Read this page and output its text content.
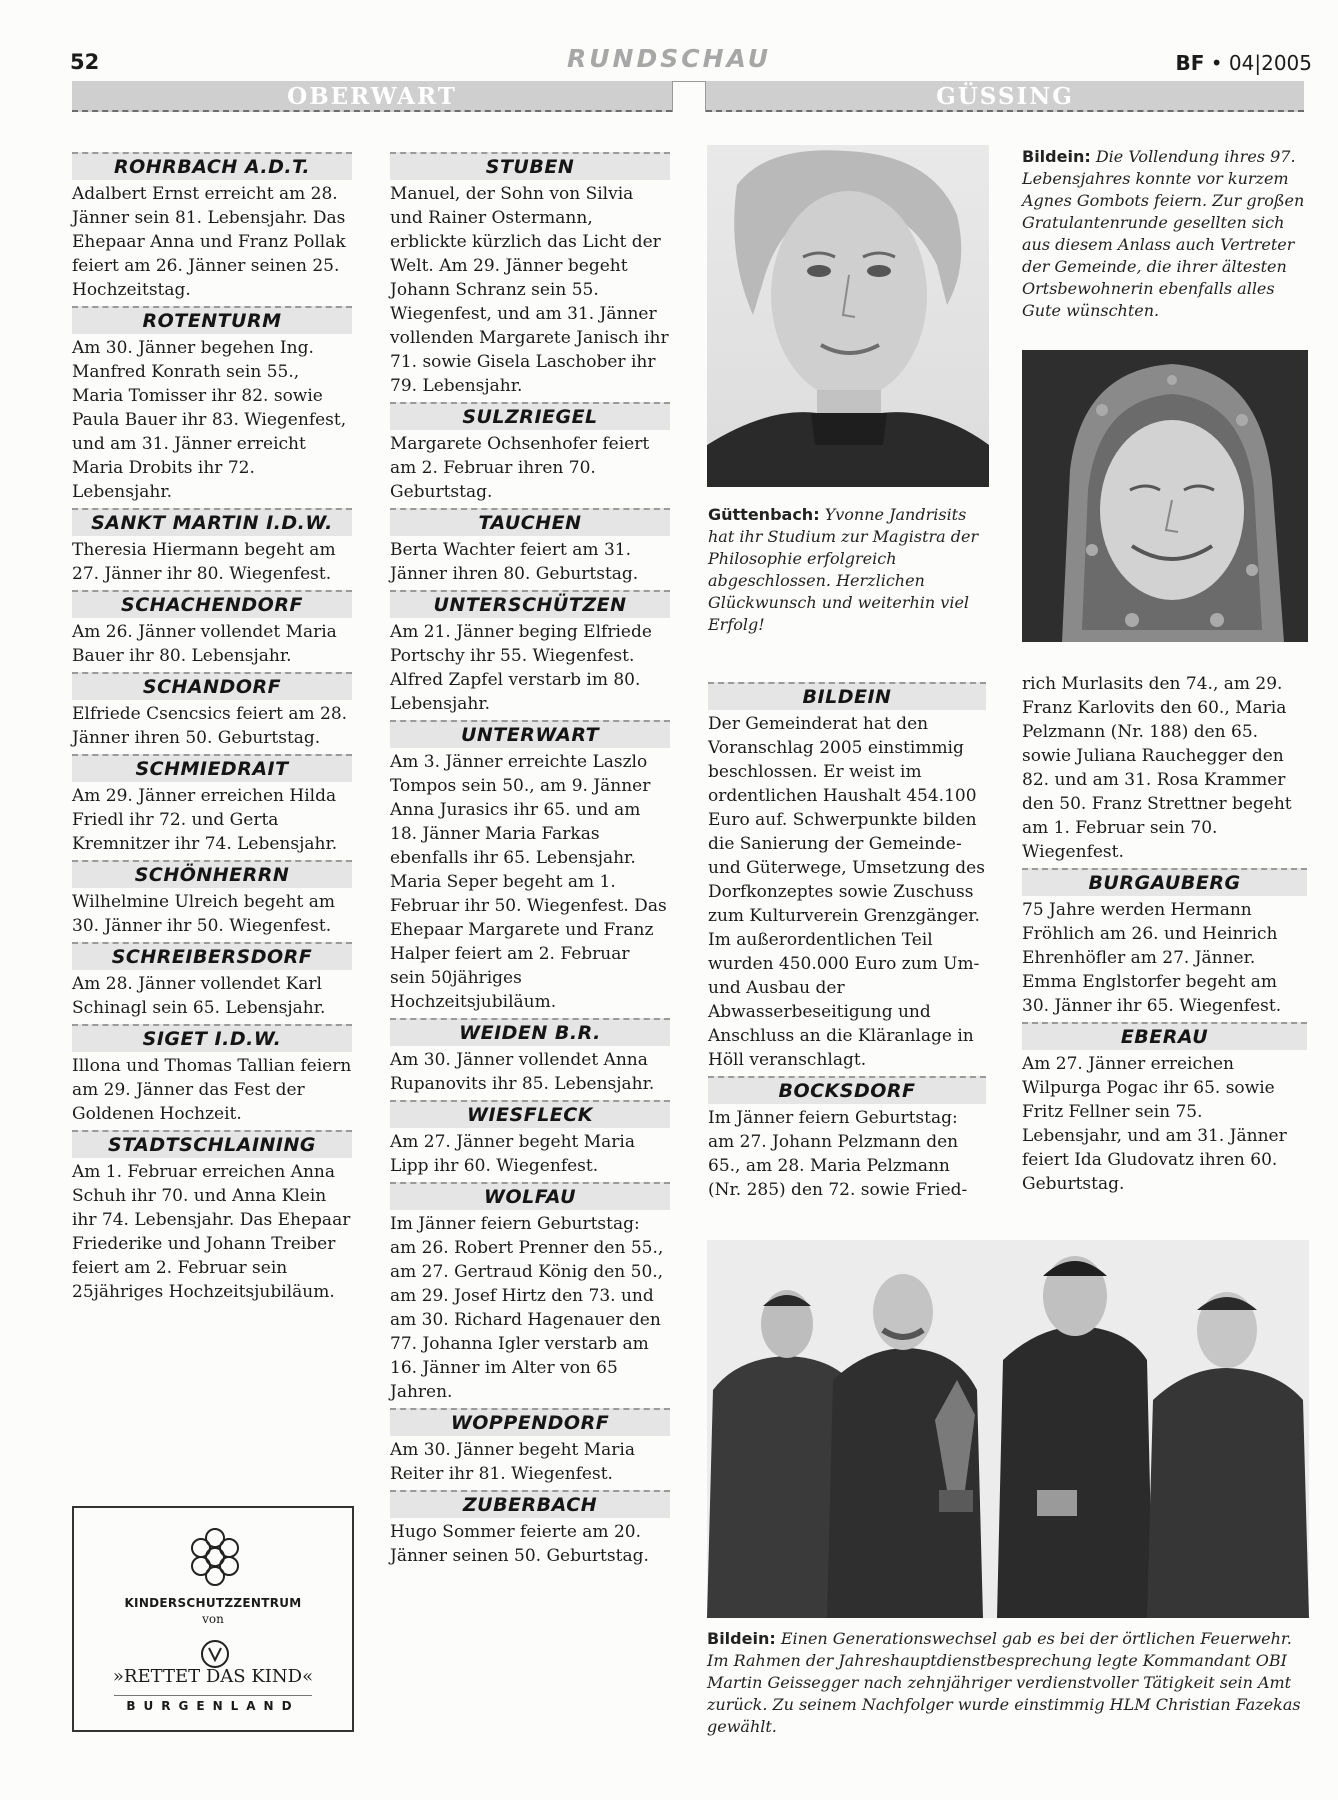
52	RUNDSCHAU	BF • 04|2005
OBERWART	GÜSSING
ROHRBACH A.D.T.

Adalbert Ernst erreicht am 28. Jänner sein 81. Lebensjahr. Das Ehepaar Anna und Franz Pollak feiert am 26. Jänner seinen 25. Hochzeitstag.

ROTENTURM

Am 30. Jänner begehen Ing. Manfred Konrath sein 55., Maria Tomisser ihr 82. sowie Paula Bauer ihr 83. Wiegenfest, und am 31. Jänner erreicht Maria Drobits ihr 72. Lebensjahr.

SANKT MARTIN I.D.W.

Theresia Hiermann begeht am 27. Jänner ihr 80. Wiegenfest.

SCHACHENDORF

Am 26. Jänner vollendet Maria Bauer ihr 80. Lebensjahr.

SCHANDORF

Elfriede Csencsics feiert am 28. Jänner ihren 50. Geburtstag.

SCHMIEDRAIT

Am 29. Jänner erreichen Hilda Friedl ihr 72. und Gerta Kremnitzer ihr 74. Lebensjahr.

SCHÖNHERRN

Wilhelmine Ulreich begeht am 30. Jänner ihr 50. Wiegenfest.

SCHREIBERSDORF

Am 28. Jänner vollendet Karl Schinagl sein 65. Lebensjahr.

SIGET I.D.W.

Illona und Thomas Tallian feiern am 29. Jänner das Fest der Goldenen Hochzeit.

STADTSCHLAINING

Am 1. Februar erreichen Anna Schuh ihr 70. und Anna Klein ihr 74. Lebensjahr. Das Ehepaar Friederike und Johann Treiber feiert am 2. Februar sein 25jähriges Hochzeitsjubiläum.

KINDERSCHUTZZENTRUM
von
»RETTET DAS KIND«
BURGENLAND
STUBEN

Manuel, der Sohn von Silvia und Rainer Ostermann, erblickte kürzlich das Licht der Welt. Am 29. Jänner begeht Johann Schranz sein 55. Wiegenfest, und am 31. Jänner vollenden Margarete Janisch ihr 71. sowie Gisela Laschober ihr 79. Lebensjahr.

SULZRIEGEL

Margarete Ochsenhofer feiert am 2. Februar ihren 70. Geburtstag.

TAUCHEN

Berta Wachter feiert am 31. Jänner ihren 80. Geburtstag.

UNTERSCHÜTZEN

Am 21. Jänner beging Elfriede Portschy ihr 55. Wiegenfest. Alfred Zapfel verstarb im 80. Lebensjahr.

UNTERWART

Am 3. Jänner erreichte Laszlo Tompos sein 50., am 9. Jänner Anna Jurasics ihr 65. und am 18. Jänner Maria Farkas ebenfalls ihr 65. Lebensjahr. Maria Seper begeht am 1. Februar ihr 50. Wiegenfest. Das Ehepaar Margarete und Franz Halper feiert am 2. Februar sein 50jähriges Hochzeitsjubiläum.

WEIDEN B.R.

Am 30. Jänner vollendet Anna Rupanovits ihr 85. Lebensjahr.

WIESFLECK

Am 27. Jänner begeht Maria Lipp ihr 60. Wiegenfest.

WOLFAU

Im Jänner feiern Geburtstag: am 26. Robert Prenner den 55., am 27. Gertraud König den 50., am 29. Josef Hirtz den 73. und am 30. Richard Hagenauer den 77. Johanna Igler verstarb am 16. Jänner im Alter von 65 Jahren.

WOPPENDORF

Am 30. Jänner begeht Maria Reiter ihr 81. Wiegenfest.

ZUBERBACH

Hugo Sommer feierte am 20. Jänner seinen 50. Geburtstag.

Bildein: Die Vollendung ihres 97. Lebensjahres konnte vor kurzem Agnes Gombots feiern. Zur großen Gratulantenrunde gesellten sich aus diesem Anlass auch Vertreter der Gemeinde, die ihrer ältesten Ortsbewohnerin ebenfalls alles Gute wünschten.
Güttenbach: Yvonne Jandrisits hat ihr Studium zur Magistra der Philosophie erfolgreich abgeschlossen. Herzlichen Glückwunsch und weiterhin viel Erfolg!
BILDEIN

Der Gemeinderat hat den Voranschlag 2005 einstimmig beschlossen. Er weist im ordentlichen Haushalt 454.100 Euro auf. Schwerpunkte bilden die Sanierung der Gemeinde- und Güterwege, Umsetzung des Dorfkonzeptes sowie Zuschuss zum Kulturverein Grenzgänger. Im außerordentlichen Teil wurden 450.000 Euro zum Um- und Ausbau der Abwasserbeseitigung und Anschluss an die Kläranlage in Höll veranschlagt.

BOCKSDORF

Im Jänner feiern Geburtstag: am 27. Johann Pelzmann den 65., am 28. Maria Pelzmann (Nr. 285) den 72. sowie Fried-

rich Murlasits den 74., am 29. Franz Karlovits den 60., Maria Pelzmann (Nr. 188) den 65. sowie Juliana Rauchegger den 82. und am 31. Rosa Krammer den 50. Franz Strettner begeht am 1. Februar sein 70. Wiegenfest.

BURGAUBERG

75 Jahre werden Hermann Fröhlich am 26. und Heinrich Ehrenhöfler am 27. Jänner. Emma Englstorfer begeht am 30. Jänner ihr 65. Wiegenfest.

EBERAU

Am 27. Jänner erreichen Wilpurga Pogac ihr 65. sowie Fritz Fellner sein 75. Lebensjahr, und am 31. Jänner feiert Ida Gludovatz ihren 60. Geburtstag.

Bildein: Einen Generationswechsel gab es bei der örtlichen Feuerwehr. Im Rahmen der Jahreshauptdienstbesprechung legte Kommandant OBI Martin Geissegger nach zehnjähriger verdienstvoller Tätigkeit sein Amt zurück. Zu seinem Nachfolger wurde einstimmig HLM Christian Fazekas gewählt.
